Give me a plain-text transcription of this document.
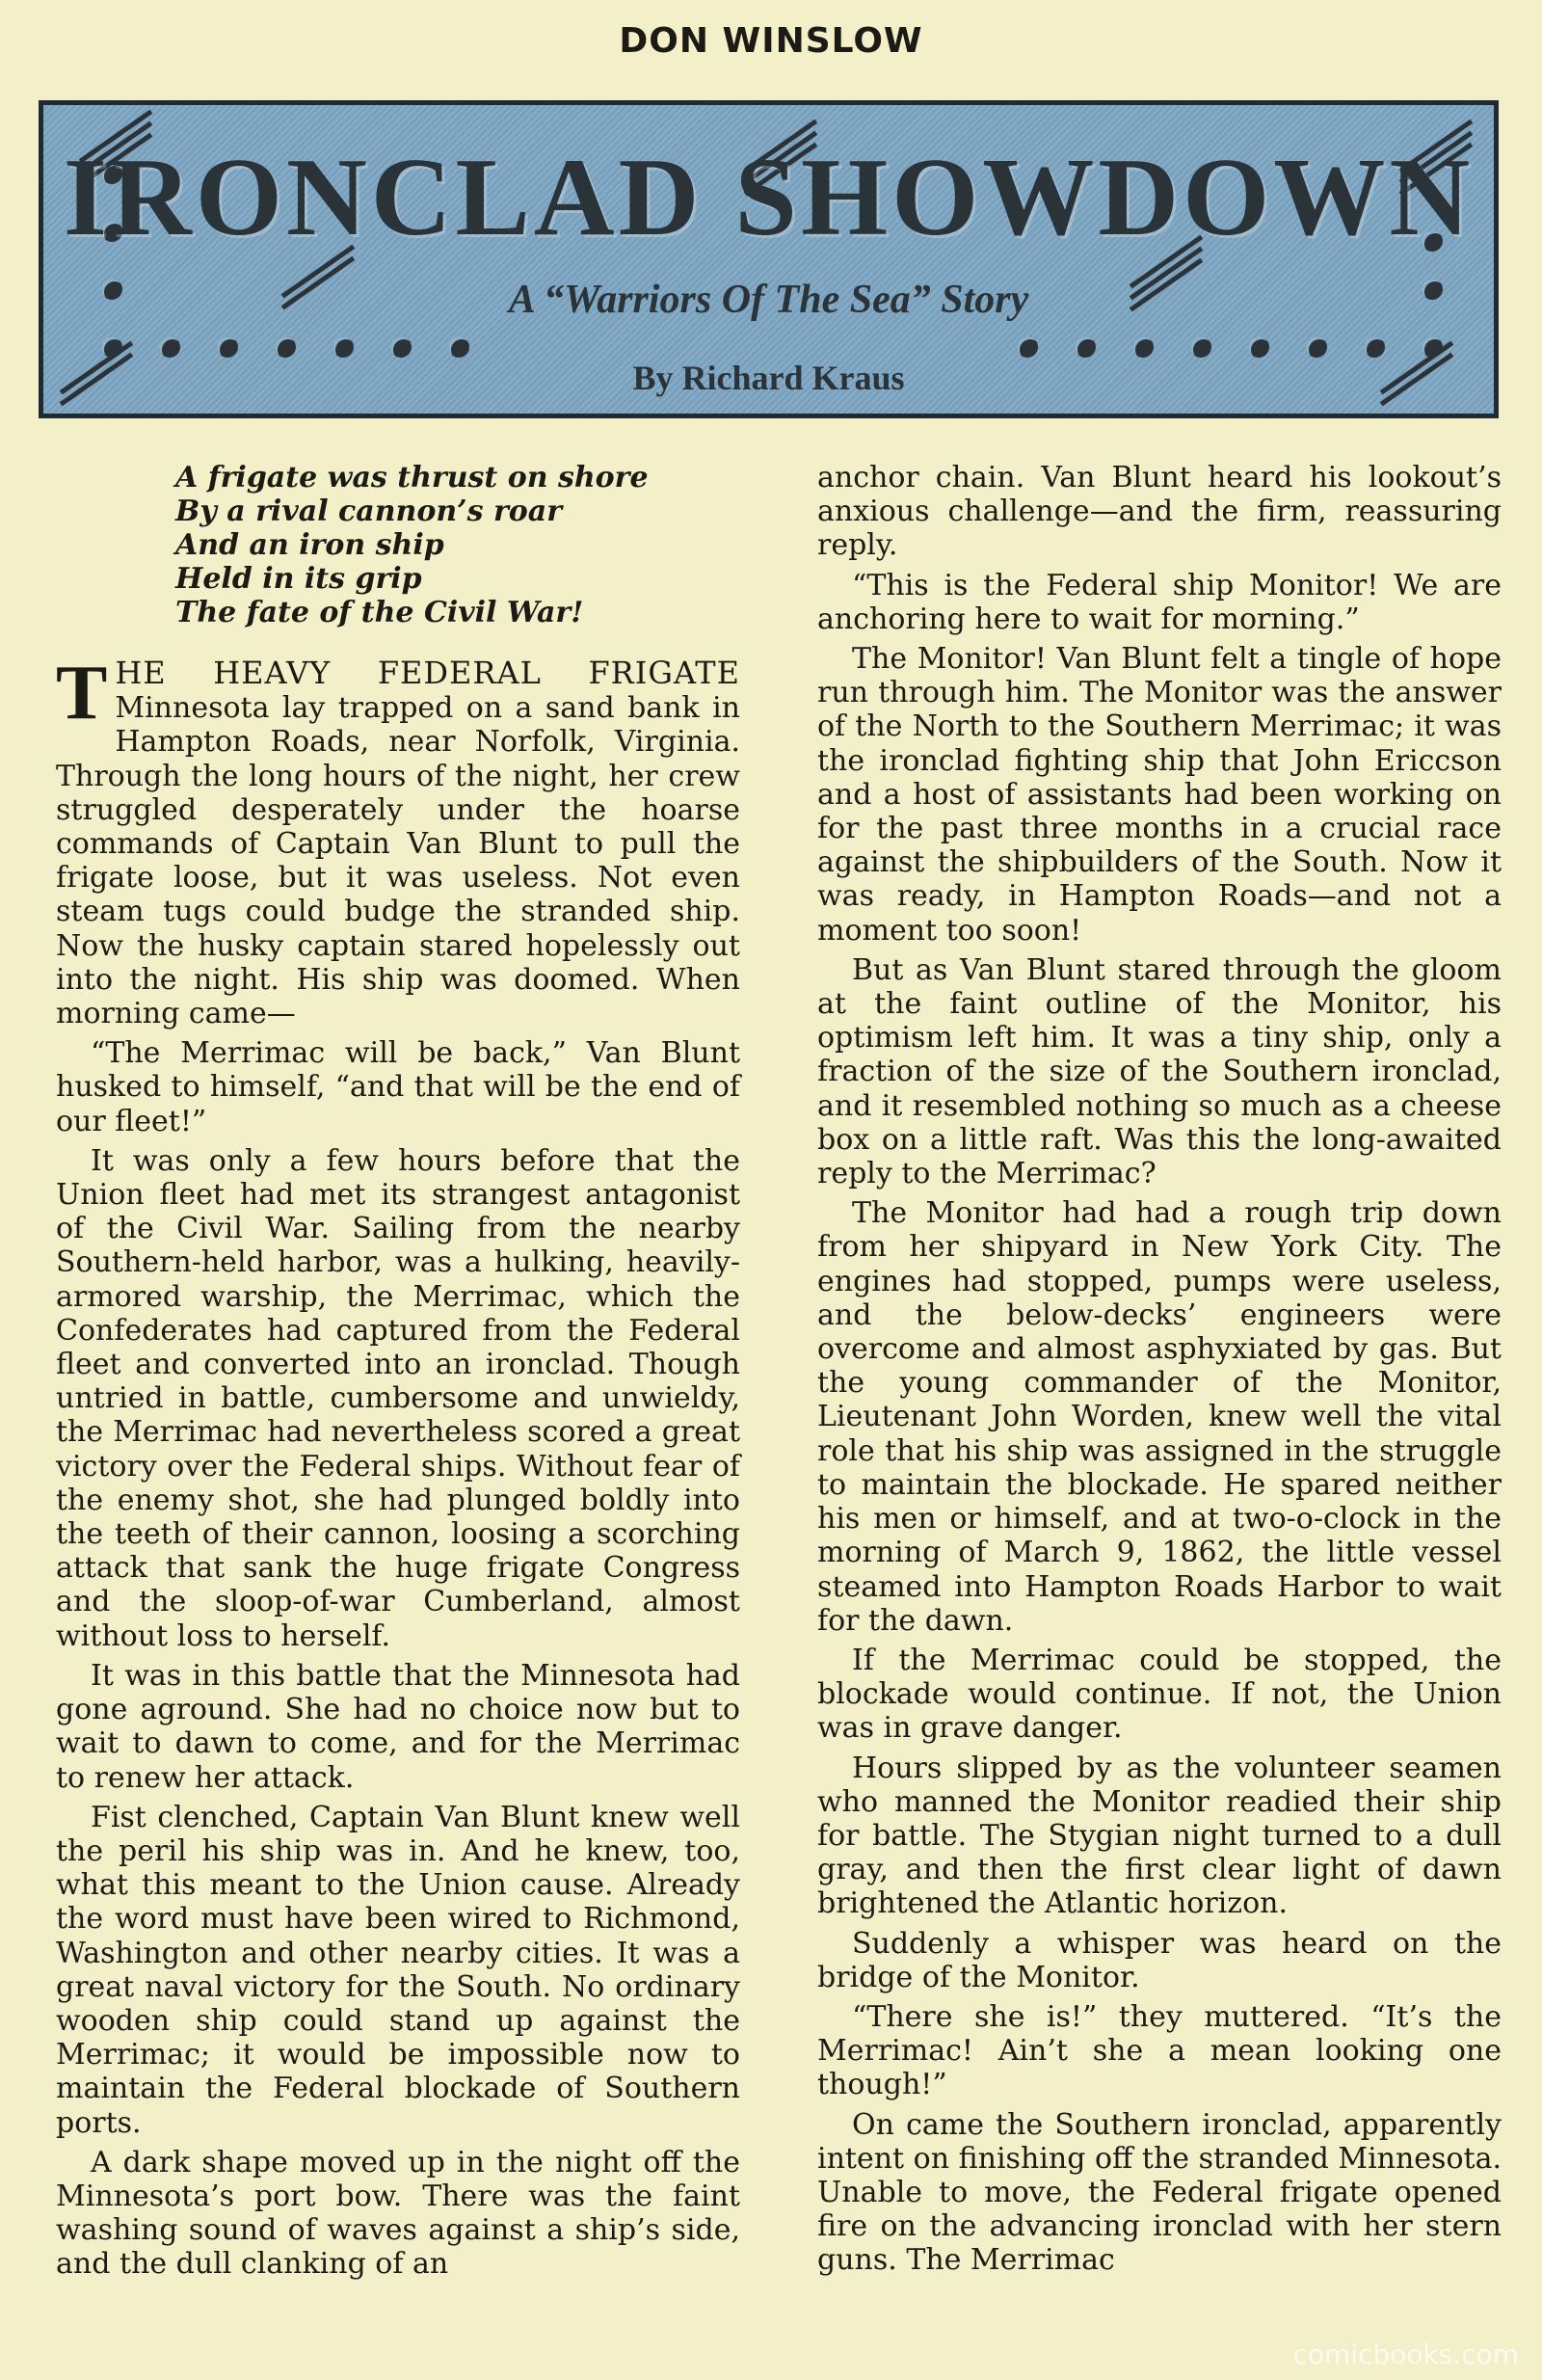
DON WINSLOW
IRONCLAD SHOWDOWN
A “Warriors Of The Sea” Story
By Richard Kraus
A frigate was thrust on shore
By a rival cannon’s roar
And an iron ship
Held in its grip
The fate of the Civil War!

THE HEAVY FEDERAL FRIGATE Minnesota lay trapped on a sand bank in Hampton Roads, near Norfolk, Virginia. Through the long hours of the night, her crew struggled desperately under the hoarse commands of Captain Van Blunt to pull the frigate loose, but it was useless. Not even steam tugs could budge the stranded ship. Now the husky captain stared hopelessly out into the night. His ship was doomed. When morning came—

“The Merrimac will be back,” Van Blunt husked to himself, “and that will be the end of our fleet!”

It was only a few hours before that the Union fleet had met its strangest antagonist of the Civil War. Sailing from the nearby Southern-held harbor, was a hulking, heavily-armored warship, the Merrimac, which the Confederates had captured from the Federal fleet and converted into an ironclad. Though untried in battle, cumbersome and unwieldy, the Merrimac had nevertheless scored a great victory over the Federal ships. Without fear of the enemy shot, she had plunged boldly into the teeth of their cannon, loosing a scorching attack that sank the huge frigate Congress and the sloop-of-war Cumberland, almost without loss to herself.

It was in this battle that the Minnesota had gone aground. She had no choice now but to wait to dawn to come, and for the Merrimac to renew her attack.

Fist clenched, Captain Van Blunt knew well the peril his ship was in. And he knew, too, what this meant to the Union cause. Already the word must have been wired to Richmond, Washington and other nearby cities. It was a great naval victory for the South. No ordinary wooden ship could stand up against the Merrimac; it would be impossible now to maintain the Federal blockade of Southern ports.

A dark shape moved up in the night off the Minnesota’s port bow. There was the faint washing sound of waves against a ship’s side, and the dull clanking of an

anchor chain. Van Blunt heard his lookout’s anxious challenge—and the firm, reassuring reply.

“This is the Federal ship Monitor! We are anchoring here to wait for morning.”

The Monitor! Van Blunt felt a tingle of hope run through him. The Monitor was the answer of the North to the Southern Merrimac; it was the ironclad fighting ship that John Ericcson and a host of assistants had been working on for the past three months in a crucial race against the shipbuilders of the South. Now it was ready, in Hampton Roads—and not a moment too soon!

But as Van Blunt stared through the gloom at the faint outline of the Monitor, his optimism left him. It was a tiny ship, only a fraction of the size of the Southern ironclad, and it resembled nothing so much as a cheese box on a little raft. Was this the long-awaited reply to the Merrimac?

The Monitor had had a rough trip down from her shipyard in New York City. The engines had stopped, pumps were useless, and the below-decks’ engineers were overcome and almost asphyxiated by gas. But the young commander of the Monitor, Lieutenant John Worden, knew well the vital role that his ship was assigned in the struggle to maintain the blockade. He spared neither his men or himself, and at two-o-clock in the morning of March 9, 1862, the little vessel steamed into Hampton Roads Harbor to wait for the dawn.

If the Merrimac could be stopped, the blockade would continue. If not, the Union was in grave danger.

Hours slipped by as the volunteer seamen who manned the Monitor readied their ship for battle. The Stygian night turned to a dull gray, and then the first clear light of dawn brightened the Atlantic horizon.

Suddenly a whisper was heard on the bridge of the Monitor.

“There she is!” they muttered. “It’s the Merrimac! Ain’t she a mean looking one though!”

On came the Southern ironclad, apparently intent on finishing off the stranded Minnesota. Unable to move, the Federal frigate opened fire on the advancing ironclad with her stern guns. The Merrimac

comicbooks.com
